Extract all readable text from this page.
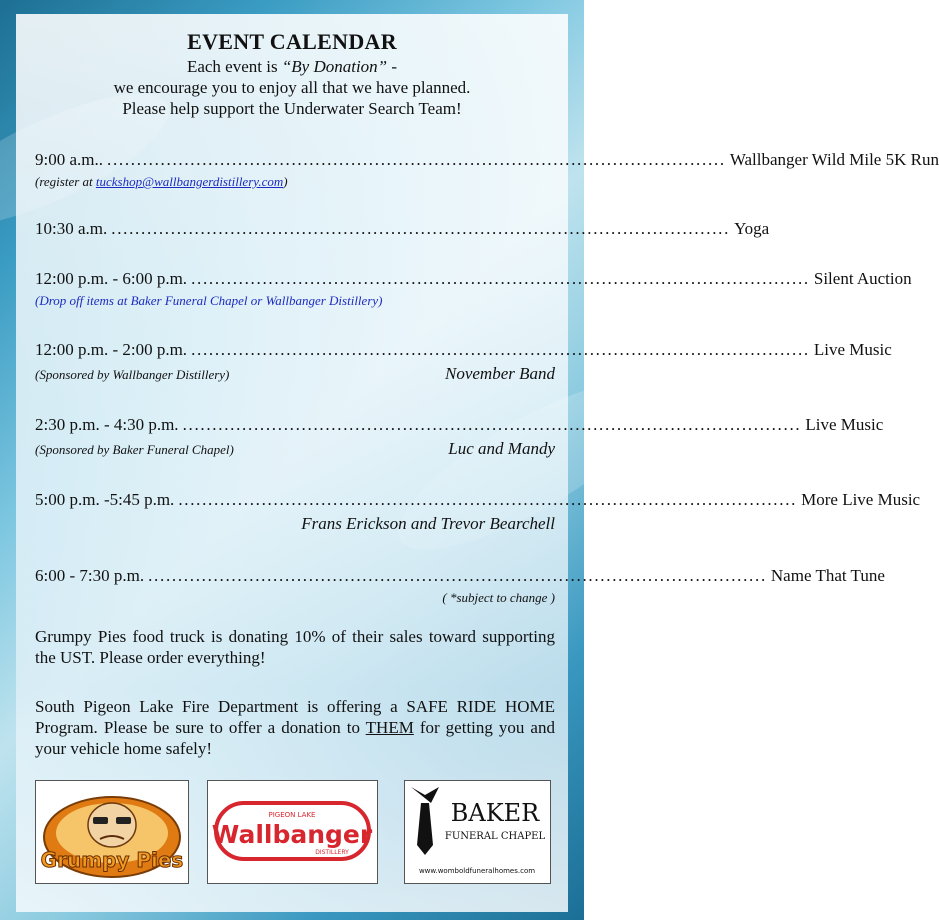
EVENT CALENDAR
Each event is “By Donation” -
we encourage you to enjoy all that we have planned.
Please help support the Underwater Search Team!
9:00 a.m.. ........................................................................................................ Wallbanger Wild Mile 5K Run
(register at tuckshop@wallbangerdistillery.com)
10:30 a.m. ........................................................................................................ Yoga
12:00 p.m. - 6:00 p.m. ........................................................................................................ Silent Auction
(Drop off items at Baker Funeral Chapel or Wallbanger Distillery)
12:00 p.m. - 2:00 p.m. ........................................................................................................ Live Music
(Sponsored by Wallbanger Distillery)	November Band
2:30 p.m. - 4:30 p.m. ........................................................................................................ Live Music
(Sponsored by Baker Funeral Chapel)	Luc and Mandy
5:00 p.m. -5:45 p.m. ........................................................................................................ More Live Music
Frans Erickson and Trevor Bearchell
6:00 - 7:30 p.m. ........................................................................................................ Name That Tune
( *subject to change )
Grumpy Pies food truck is donating 10% of their sales toward supporting the UST. Please order everything!
South Pigeon Lake Fire Department is offering a SAFE RIDE HOME Program. Please be sure to offer a donation to THEM for getting you and your vehicle home safely!
Grumpy Pies
PIGEON LAKE
Wallbanger
DISTILLERY
BAKER
FUNERAL CHAPEL
www.womboldfuneralhomes.com
